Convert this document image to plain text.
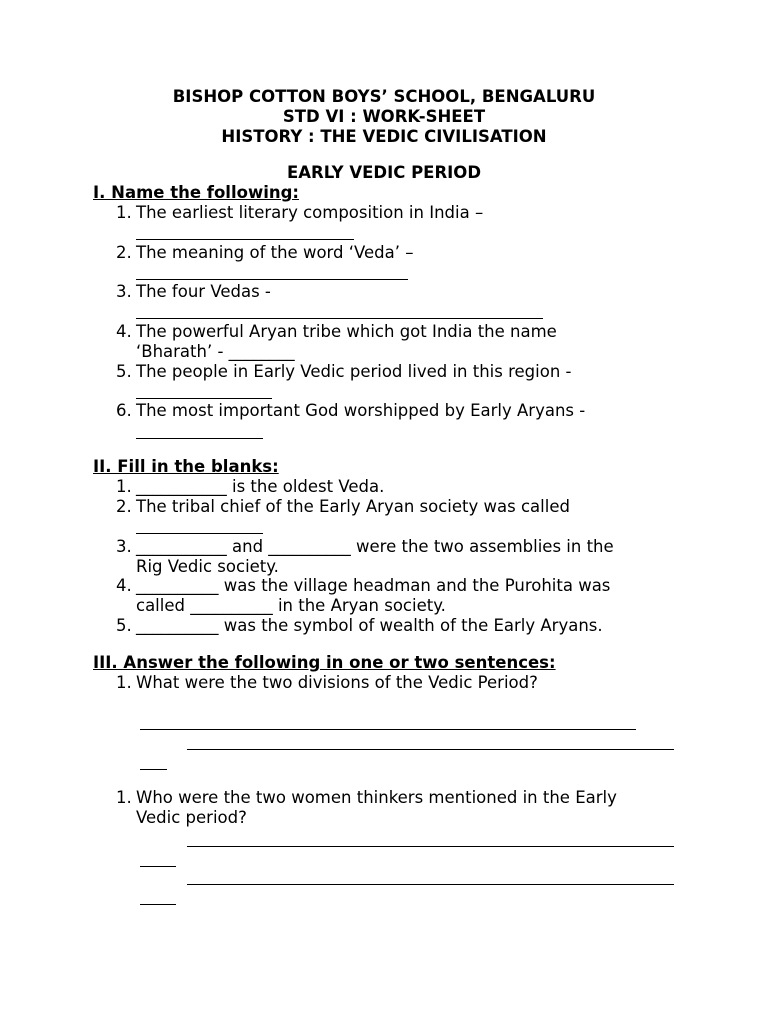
BISHOP COTTON BOYS’ SCHOOL, BENGALURU
STD VI : WORK-SHEET
HISTORY : THE VEDIC CIVILISATION
EARLY VEDIC PERIOD
I. Name the following:
1. The earliest literary composition in India –
2. The meaning of the word ‘Veda’ –
3. The four Vedas -
4. The powerful Aryan tribe which got India the name
‘Bharath’ - ________
5. The people in Early Vedic period lived in this region -
6. The most important God worshipped by Early Aryans -
II. Fill in the blanks:
1. ___________ is the oldest Veda.
2. The tribal chief of the Early Aryan society was called
3. ___________ and __________ were the two assemblies in the
Rig Vedic society.
4. __________ was the village headman and the Purohita was
called __________ in the Aryan society.
5. __________ was the symbol of wealth of the Early Aryans.
III. Answer the following in one or two sentences:
1. What were the two divisions of the Vedic Period?
1. Who were the two women thinkers mentioned in the Early
Vedic period?
